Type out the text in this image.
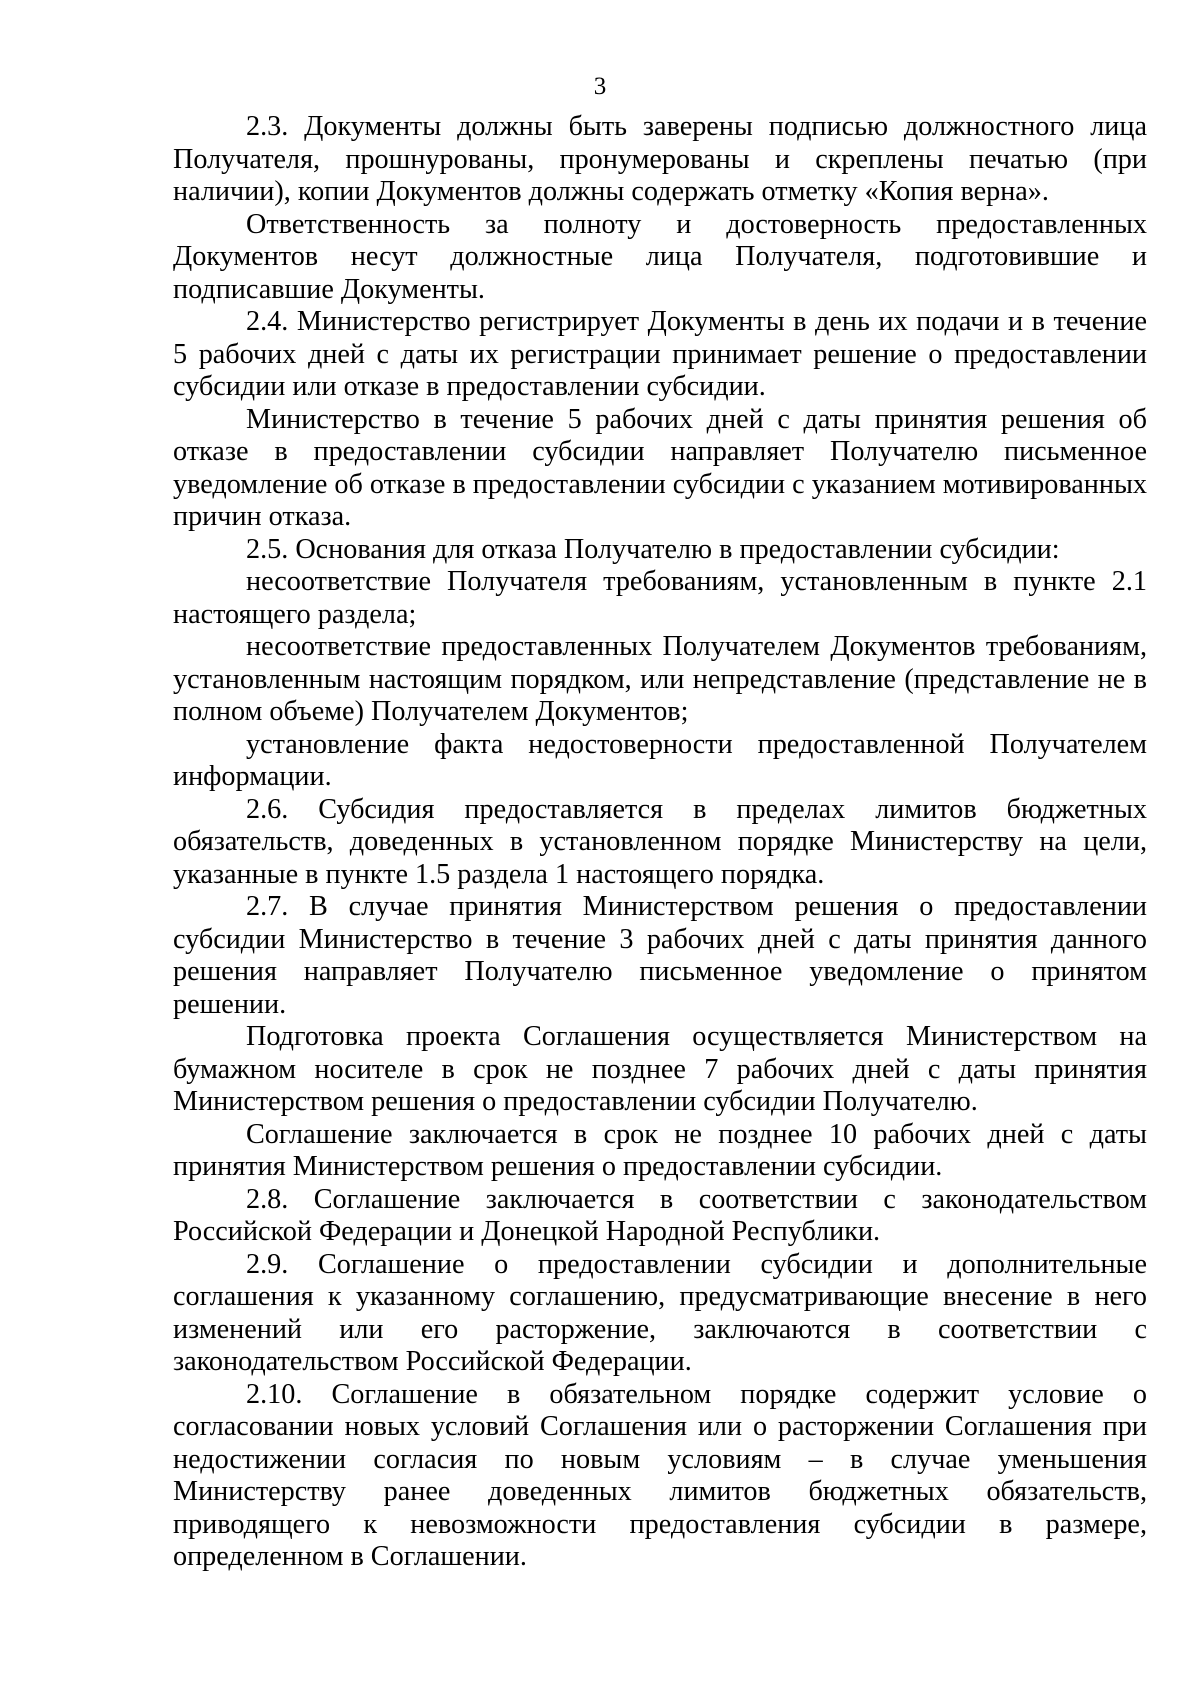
3

2.3. Документы должны быть заверены подписью должностного лица Получателя, прошнурованы, пронумерованы и скреплены печатью (при наличии), копии Документов должны содержать отметку «Копия верна».

Ответственность за полноту и достоверность предоставленных Документов несут должностные лица Получателя, подготовившие и подписавшие Документы.

2.4. Министерство регистрирует Документы в день их подачи и в течение 5 рабочих дней с даты их регистрации принимает решение о предоставлении субсидии или отказе в предоставлении субсидии.

Министерство в течение 5 рабочих дней с даты принятия решения об отказе в предоставлении субсидии направляет Получателю письменное уведомление об отказе в предоставлении субсидии с указанием мотивированных причин отказа.

2.5. Основания для отказа Получателю в предоставлении субсидии:

несоответствие Получателя требованиям, установленным в пункте 2.1 настоящего раздела;

несоответствие предоставленных Получателем Документов требованиям, установленным настоящим порядком, или непредставление (представление не в полном объеме) Получателем Документов;

установление факта недостоверности предоставленной Получателем информации.

2.6. Субсидия предоставляется в пределах лимитов бюджетных обязательств, доведенных в установленном порядке Министерству на цели, указанные в пункте 1.5 раздела 1 настоящего порядка.

2.7. В случае принятия Министерством решения о предоставлении субсидии Министерство в течение 3 рабочих дней с даты принятия данного решения направляет Получателю письменное уведомление о принятом решении.

Подготовка проекта Соглашения осуществляется Министерством на бумажном носителе в срок не позднее 7 рабочих дней с даты принятия Министерством решения о предоставлении субсидии Получателю.

Соглашение заключается в срок не позднее 10 рабочих дней с даты принятия Министерством решения о предоставлении субсидии.

2.8. Соглашение заключается в соответствии с законодательством Российской Федерации и Донецкой Народной Республики.

2.9. Соглашение о предоставлении субсидии и дополнительные соглашения к указанному соглашению, предусматривающие внесение в него изменений или его расторжение, заключаются в соответствии с законодательством Российской Федерации.

2.10. Соглашение в обязательном порядке содержит условие о согласовании новых условий Соглашения или о расторжении Соглашения при недостижении согласия по новым условиям – в случае уменьшения Министерству ранее доведенных лимитов бюджетных обязательств, приводящего к невозможности предоставления субсидии в размере, определенном в Соглашении.
